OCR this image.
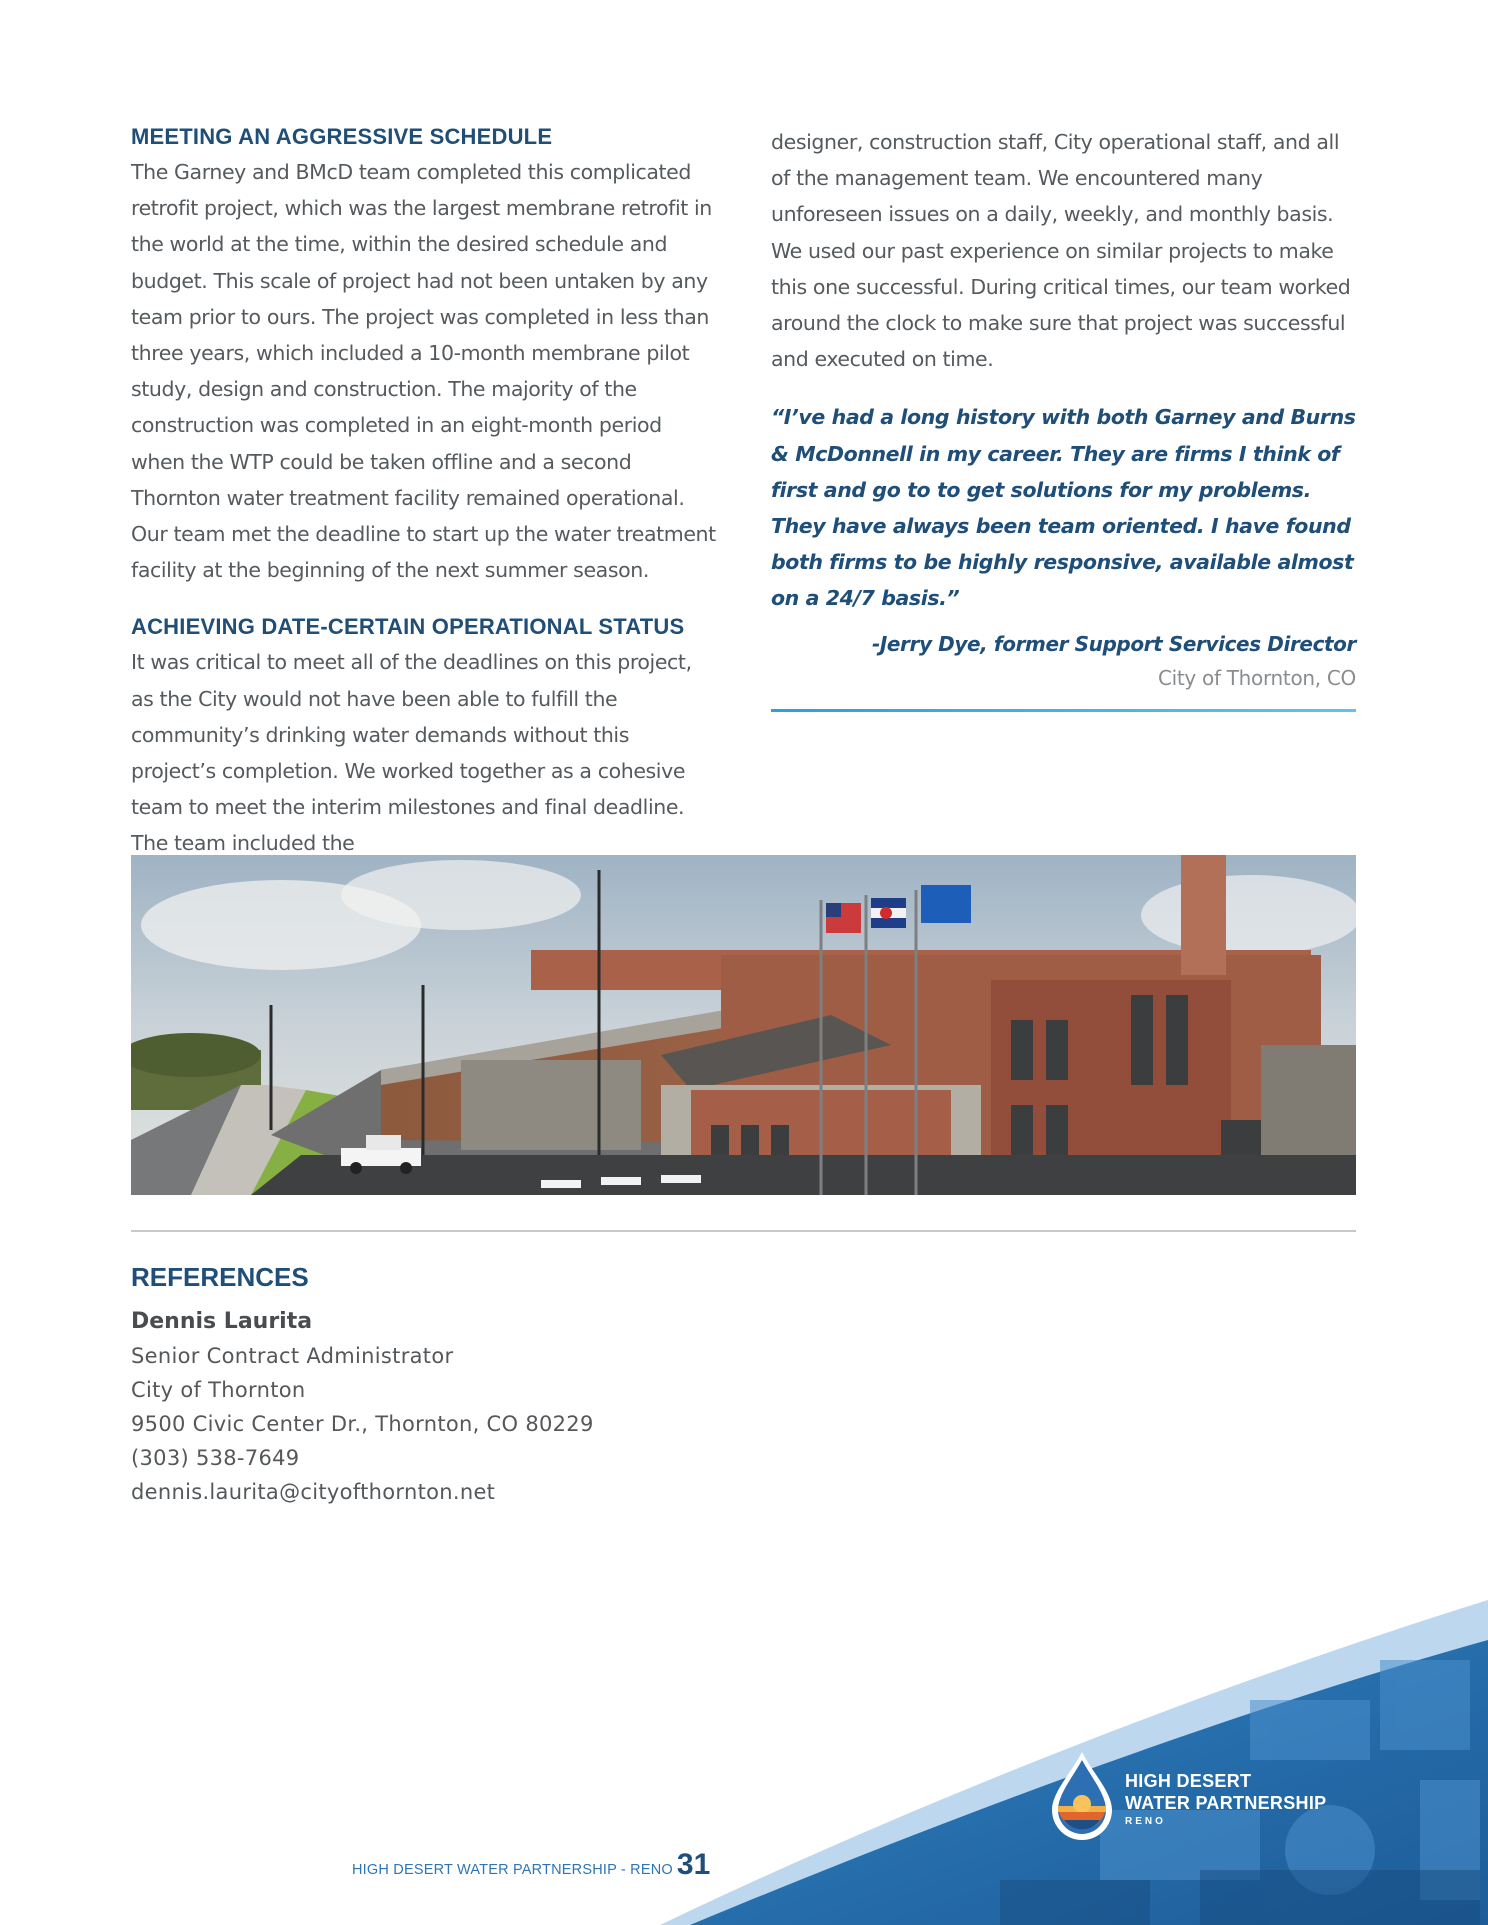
MEETING AN AGGRESSIVE SCHEDULE

The Garney and BMcD team completed this complicated retrofit project, which was the largest membrane retrofit in the world at the time, within the desired schedule and budget. This scale of project had not been untaken by any team prior to ours. The project was completed in less than three years, which included a 10-month membrane pilot study, design and construction. The majority of the construction was completed in an eight-month period when the WTP could be taken offline and a second Thornton water treatment facility remained operational. Our team met the deadline to start up the water treatment facility at the beginning of the next summer season.

ACHIEVING DATE-CERTAIN OPERATIONAL STATUS

It was critical to meet all of the deadlines on this project, as the City would not have been able to fulfill the community’s drinking water demands without this project’s completion. We worked together as a cohesive team to meet the interim milestones and final deadline. The team included the

designer, construction staff, City operational staff, and all of the management team. We encountered many unforeseen issues on a daily, weekly, and monthly basis. We used our past experience on similar projects to make this one successful. During critical times, our team worked around the clock to make sure that project was successful and executed on time.

“I’ve had a long history with both Garney and Burns & McDonnell in my career. They are firms I think of first and go to to get solutions for my problems. They have always been team oriented. I have found both firms to be highly responsive, available almost on a 24/7 basis.”
-Jerry Dye, former Support Services Director
City of Thornton, CO
REFERENCES
Dennis Laurita
Senior Contract Administrator
City of Thornton
9500 Civic Center Dr., Thornton, CO 80229
(303) 538-7649
dennis.laurita@cityofthornton.net
HIGH DESERT
WATER PARTNERSHIP
RENO
HIGH DESERT WATER PARTNERSHIP - RENO 31
